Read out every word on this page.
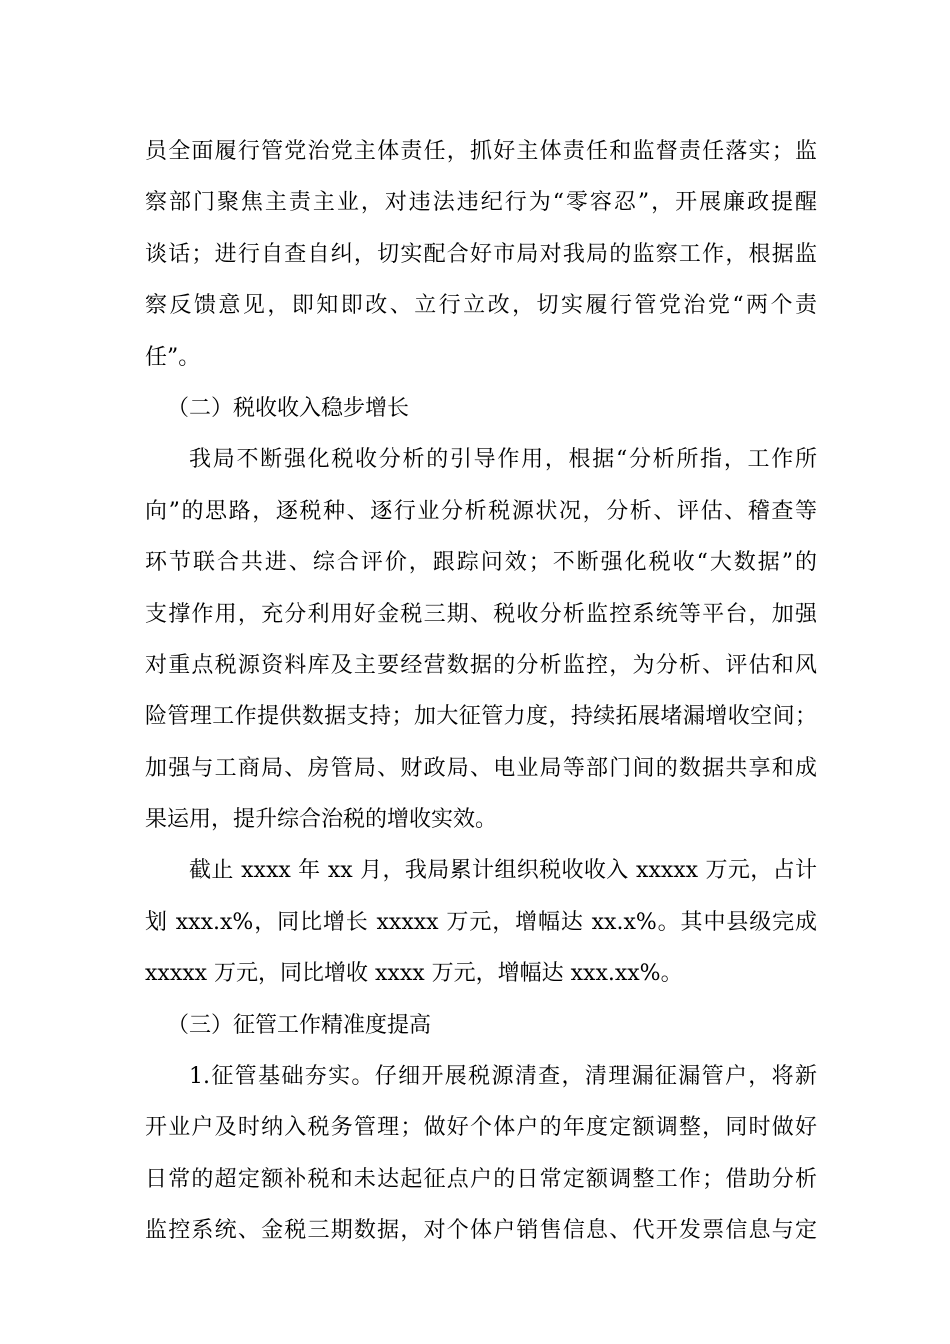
员全面履行管党治党主体责任，抓好主体责任和监督责任落实；监
察部门聚焦主责主业，对违法违纪行为“零容忍”，开展廉政提醒
谈话；进行自查自纠，切实配合好市局对我局的监察工作，根据监
察反馈意见，即知即改、立行立改，切实履行管党治党“两个责
任”。
（二）税收收入稳步增长
我局不断强化税收分析的引导作用，根据“分析所指，工作所
向”的思路，逐税种、逐行业分析税源状况，分析、评估、稽查等
环节联合共进、综合评价，跟踪问效；不断强化税收“大数据”的
支撑作用，充分利用好金税三期、税收分析监控系统等平台，加强
对重点税源资料库及主要经营数据的分析监控，为分析、评估和风
险管理工作提供数据支持；加大征管力度，持续拓展堵漏增收空间；
加强与工商局、房管局、财政局、电业局等部门间的数据共享和成
果运用，提升综合治税的增收实效。
截止 xxxx 年 xx 月，我局累计组织税收收入 xxxxx 万元，占计
划 xxx.x%，同比增长 xxxxx 万元，增幅达 xx.x%。其中县级完成
xxxxx 万元，同比增收 xxxx 万元，增幅达 xxx.xx%。
（三）征管工作精准度提高
1.征管基础夯实。仔细开展税源清查，清理漏征漏管户，将新
开业户及时纳入税务管理；做好个体户的年度定额调整，同时做好
日常的超定额补税和未达起征点户的日常定额调整工作；借助分析
监控系统、金税三期数据，对个体户销售信息、代开发票信息与定
